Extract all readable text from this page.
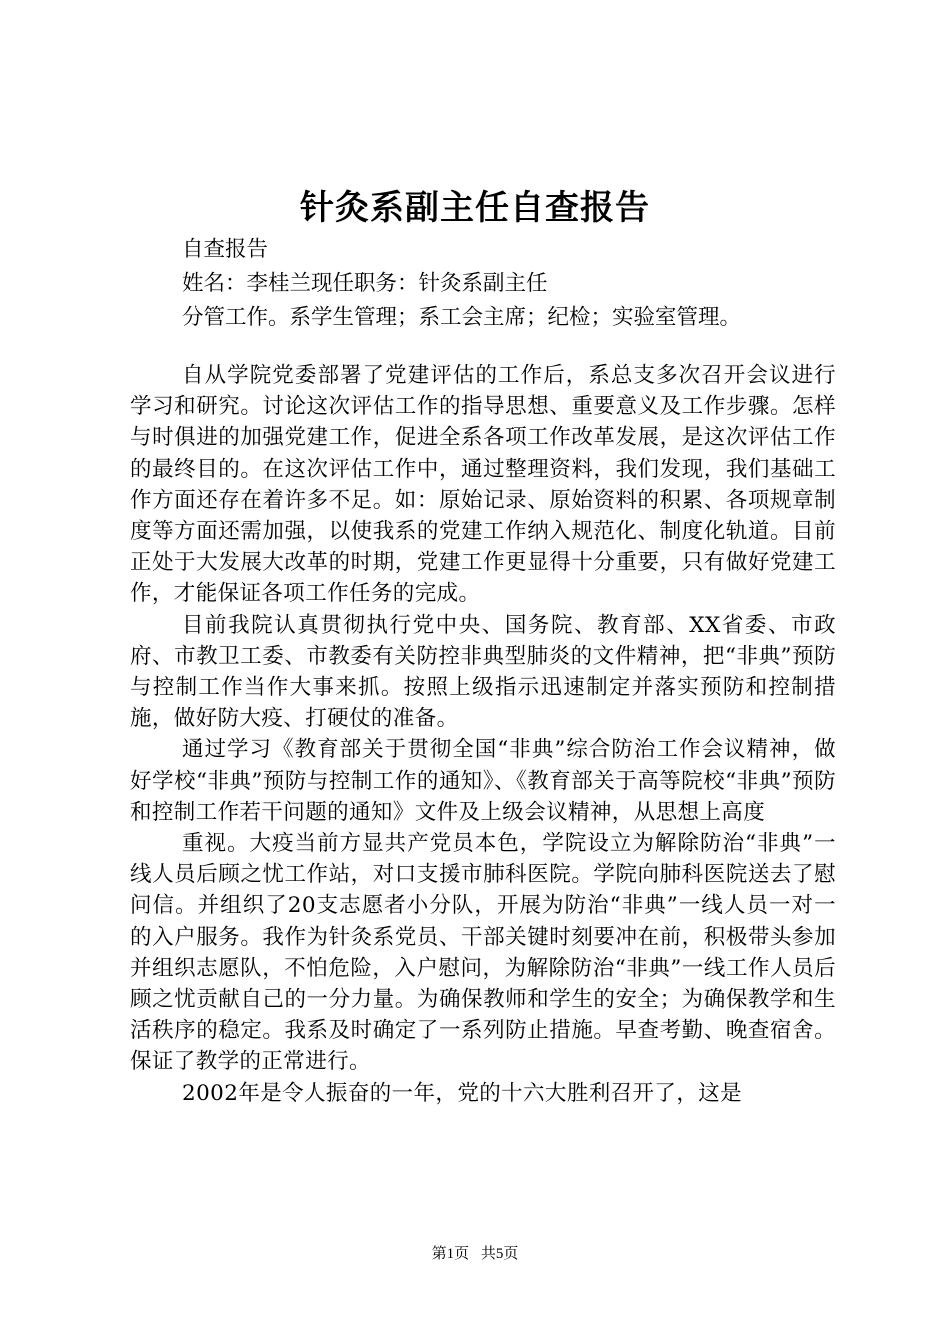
针灸系副主任自查报告
自查报告
姓名：李桂兰现任职务：针灸系副主任
分管工作。系学生管理；系工会主席；纪检；实验室管理。

自从学院党委部署了党建评估的工作后，系总支多次召开会议进行学习和研究。讨论这次评估工作的指导思想、重要意义及工作步骤。怎样与时俱进的加强党建工作，促进全系各项工作改革发展，是这次评估工作的最终目的。在这次评估工作中，通过整理资料，我们发现，我们基础工作方面还存在着许多不足。如：原始记录、原始资料的积累、各项规章制度等方面还需加强，以使我系的党建工作纳入规范化、制度化轨道。目前正处于大发展大改革的时期，党建工作更显得十分重要，只有做好党建工作，才能保证各项工作任务的完成。

目前我院认真贯彻执行党中央、国务院、教育部、XX省委、市政府、市教卫工委、市教委有关防控非典型肺炎的文件精神，把“非典”预防与控制工作当作大事来抓。按照上级指示迅速制定并落实预防和控制措施，做好防大疫、打硬仗的准备。

通过学习《教育部关于贯彻全国“非典”综合防治工作会议精神，做好学校“非典”预防与控制工作的通知》、《教育部关于高等院校“非典”预防和控制工作若干问题的通知》文件及上级会议精神，从思想上高度

重视。大疫当前方显共产党员本色，学院设立为解除防治“非典”一线人员后顾之忧工作站，对口支援市肺科医院。学院向肺科医院送去了慰问信。并组织了20支志愿者小分队，开展为防治“非典”一线人员一对一的入户服务。我作为针灸系党员、干部关键时刻要冲在前，积极带头参加并组织志愿队，不怕危险，入户慰问，为解除防治“非典”一线工作人员后顾之忧贡献自己的一分力量。为确保教师和学生的安全；为确保教学和生活秩序的稳定。我系及时确定了一系列防止措施。早查考勤、晚查宿舍。保证了教学的正常进行。

2002年是令人振奋的一年，党的十六大胜利召开了，这是

第1页 共5页
